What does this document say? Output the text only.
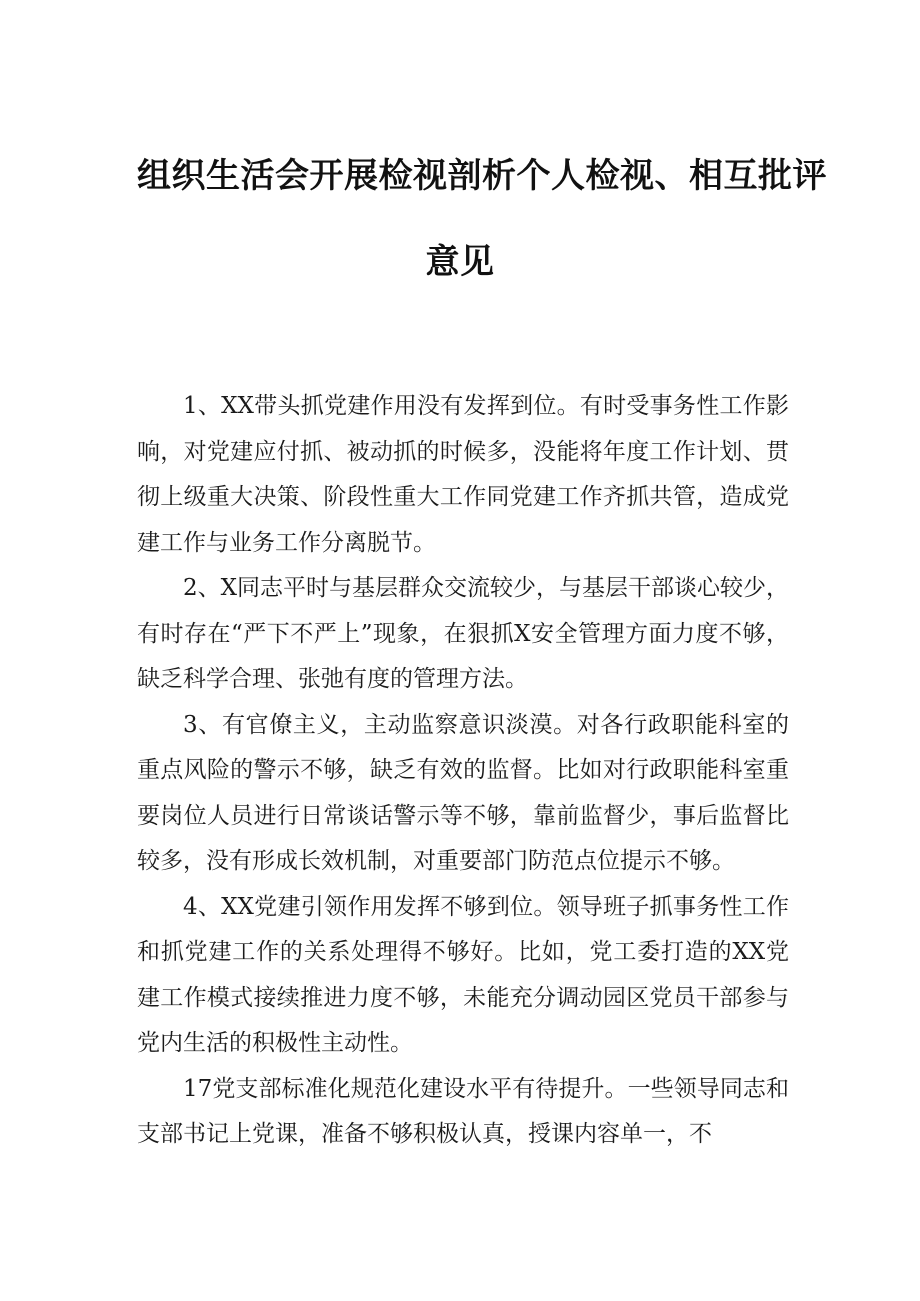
组织生活会开展检视剖析个人检视、相互批评
意见

1、XX带头抓党建作用没有发挥到位。有时受事务性工作影响，对党建应付抓、被动抓的时候多，没能将年度工作计划、贯彻上级重大决策、阶段性重大工作同党建工作齐抓共管，造成党建工作与业务工作分离脱节。

2、X同志平时与基层群众交流较少，与基层干部谈心较少，有时存在“严下不严上”现象，在狠抓X安全管理方面力度不够，缺乏科学合理、张弛有度的管理方法。

3、有官僚主义，主动监察意识淡漠。对各行政职能科室的重点风险的警示不够，缺乏有效的监督。比如对行政职能科室重要岗位人员进行日常谈话警示等不够，靠前监督少，事后监督比较多，没有形成长效机制，对重要部门防范点位提示不够。

4、XX党建引领作用发挥不够到位。领导班子抓事务性工作和抓党建工作的关系处理得不够好。比如，党工委打造的XX党建工作模式接续推进力度不够，未能充分调动园区党员干部参与党内生活的积极性主动性。

17党支部标准化规范化建设水平有待提升。一些领导同志和支部书记上党课，准备不够积极认真，授课内容单一，不
